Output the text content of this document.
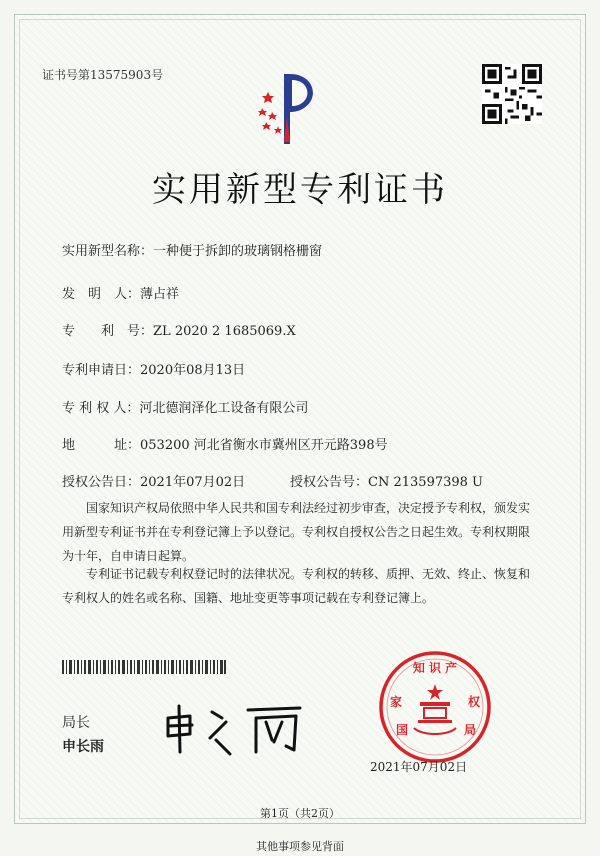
证书号第13575903号
实用新型专利证书
实用新型名称：一种便于拆卸的玻璃钢格栅窗
发　明　人：薄占祥
专　　利　号：ZL 2020 2 1685069.X
专利申请日：2020年08月13日
专 利 权 人：河北德润泽化工设备有限公司
地　　　址：053200 河北省衡水市冀州区开元路398号
授权公告日：2021年07月02日	授权公告号：CN 213597398 U
国家知识产权局依照中华人民共和国专利法经过初步审查，决定授予专利权，颁发实用新型专利证书并在专利登记簿上予以登记。专利权自授权公告之日起生效。专利权期限为十年，自申请日起算。
专利证书记载专利权登记时的法律状况。专利权的转移、质押、无效、终止、恢复和专利权人的姓名或名称、国籍、地址变更等事项记载在专利登记簿上。
局长
申长雨
知 识 产
家	权
国	局
2021年07月02日
第1页（共2页）
其他事项参见背面
